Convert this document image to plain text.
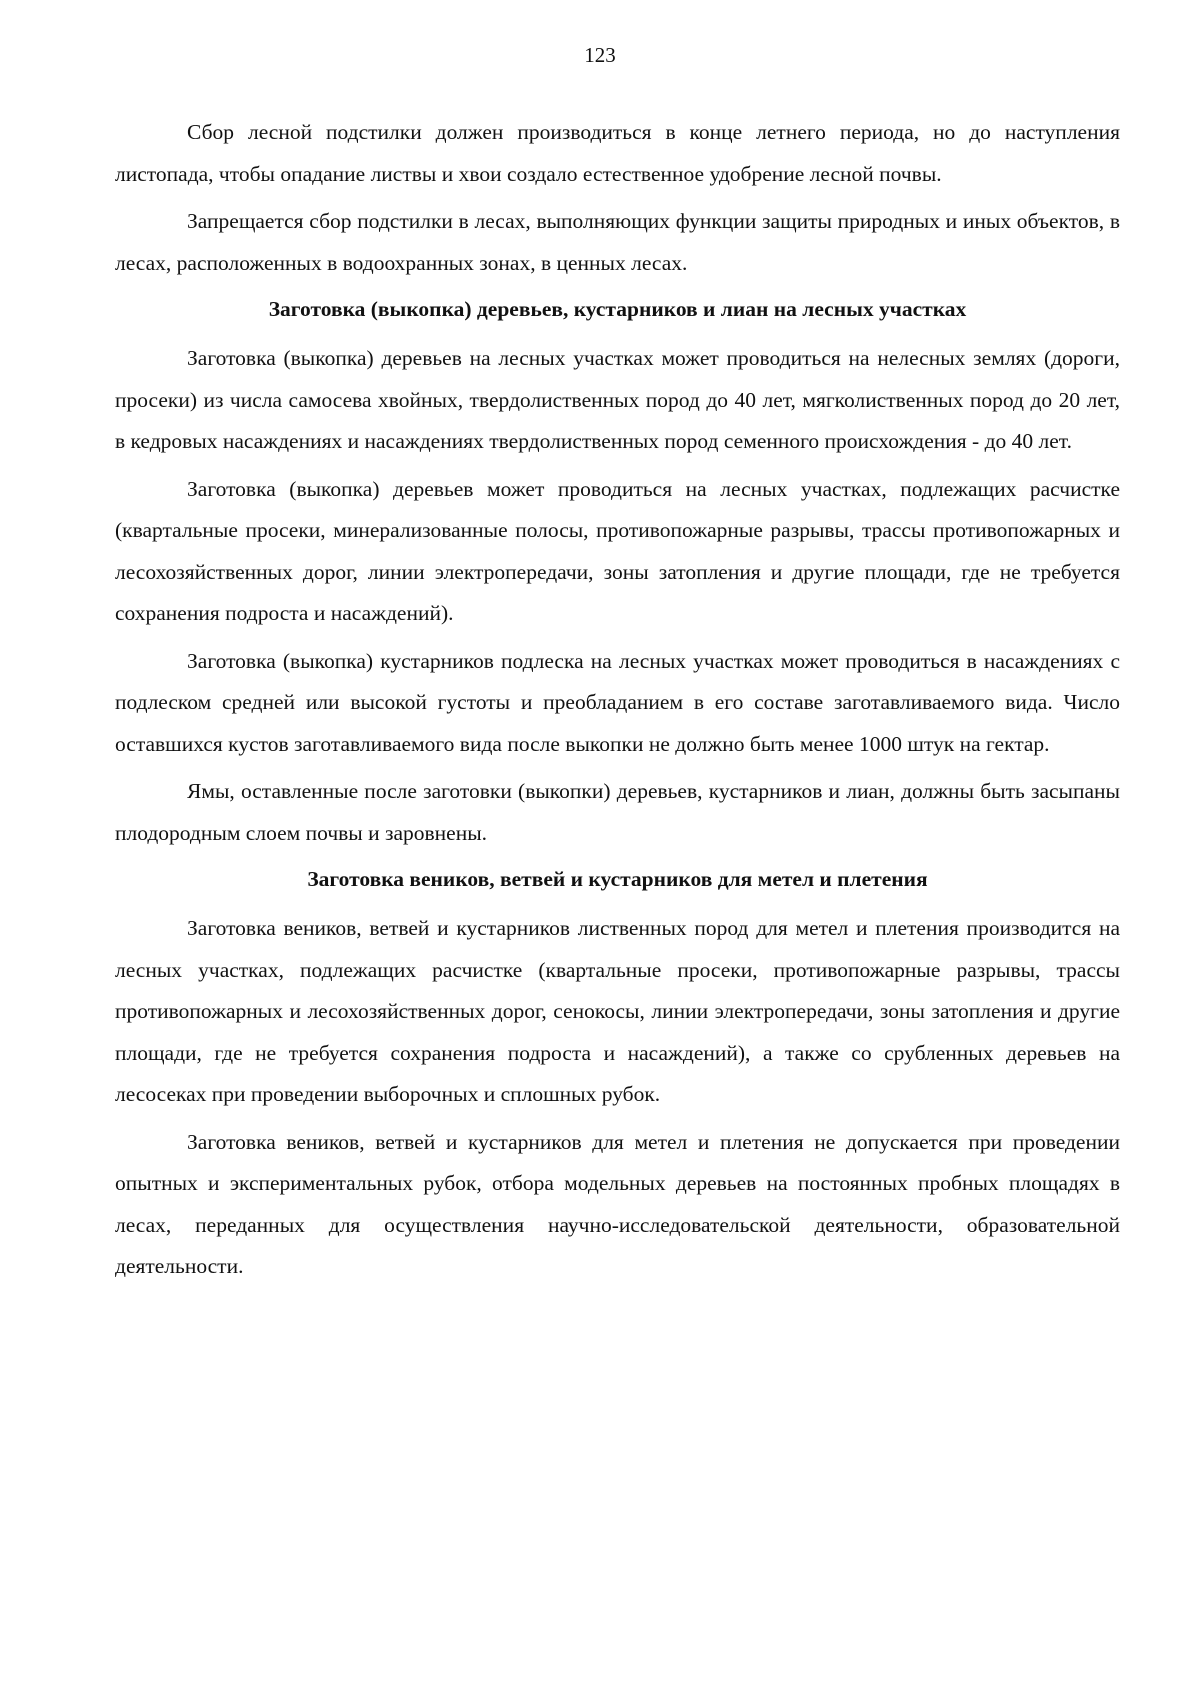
123

Сбор лесной подстилки должен производиться в конце летнего периода, но до наступления листопада, чтобы опадание листвы и хвои создало естественное удобрение лесной почвы.

Запрещается сбор подстилки в лесах, выполняющих функции защиты природных и иных объектов, в лесах, расположенных в водоохранных зонах, в ценных лесах.

Заготовка (выкопка) деревьев, кустарников и лиан на лесных участках

Заготовка (выкопка) деревьев на лесных участках может проводиться на нелесных землях (дороги, просеки) из числа самосева хвойных, твердолиственных пород до 40 лет, мягколиственных пород до 20 лет, в кедровых насаждениях и насаждениях твердолиственных пород семенного происхождения - до 40 лет.

Заготовка (выкопка) деревьев может проводиться на лесных участках, подлежащих расчистке (квартальные просеки, минерализованные полосы, противопожарные разрывы, трассы противопожарных и лесохозяйственных дорог, линии электропередачи, зоны затопления и другие площади, где не требуется сохранения подроста и насаждений).

Заготовка (выкопка) кустарников подлеска на лесных участках может проводиться в насаждениях с подлеском средней или высокой густоты и преобладанием в его составе заготавливаемого вида. Число оставшихся кустов заготавливаемого вида после выкопки не должно быть менее 1000 штук на гектар.

Ямы, оставленные после заготовки (выкопки) деревьев, кустарников и лиан, должны быть засыпаны плодородным слоем почвы и заровнены.

Заготовка веников, ветвей и кустарников для метел и плетения

Заготовка веников, ветвей и кустарников лиственных пород для метел и плетения производится на лесных участках, подлежащих расчистке (квартальные просеки, противопожарные разрывы, трассы противопожарных и лесохозяйственных дорог, сенокосы, линии электропередачи, зоны затопления и другие площади, где не требуется сохранения подроста и насаждений), а также со срубленных деревьев на лесосеках при проведении выборочных и сплошных рубок.

Заготовка веников, ветвей и кустарников для метел и плетения не допускается при проведении опытных и экспериментальных рубок, отбора модельных деревьев на постоянных пробных площадях в лесах, переданных для осуществления научно-исследовательской деятельности, образовательной деятельности.
